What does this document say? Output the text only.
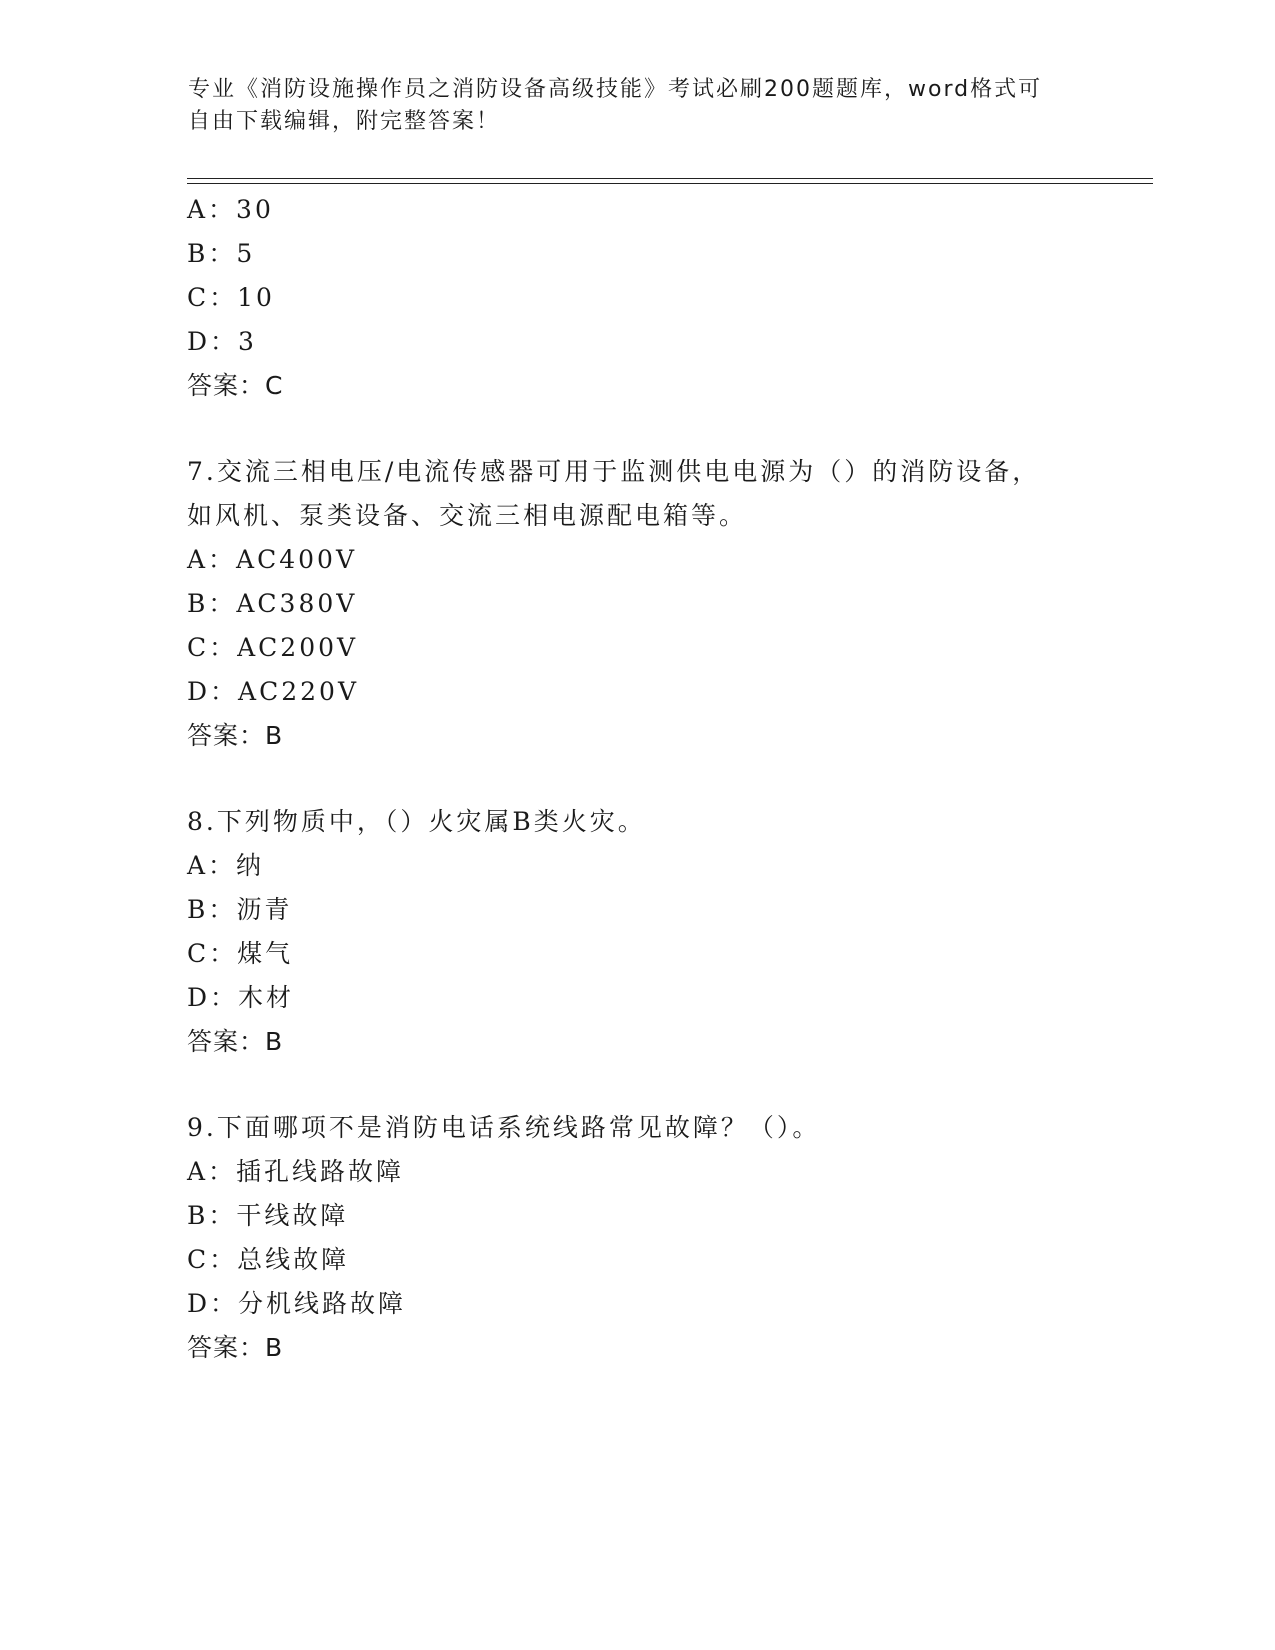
专业《消防设施操作员之消防设备高级技能》考试必刷200题题库，word格式可
自由下载编辑，附完整答案！
A：30
B：5
C：10
D：3
答案：C
7.交流三相电压/电流传感器可用于监测供电电源为（）的消防设备，
如风机、泵类设备、交流三相电源配电箱等。
A：AC400V
B：AC380V
C：AC200V
D：AC220V
答案：B
8.下列物质中，（）火灾属B类火灾。
A：纳
B：沥青
C：煤气
D：木材
答案：B
9.下面哪项不是消防电话系统线路常见故障？（）。
A：插孔线路故障
B：干线故障
C：总线故障
D：分机线路故障
答案：B
